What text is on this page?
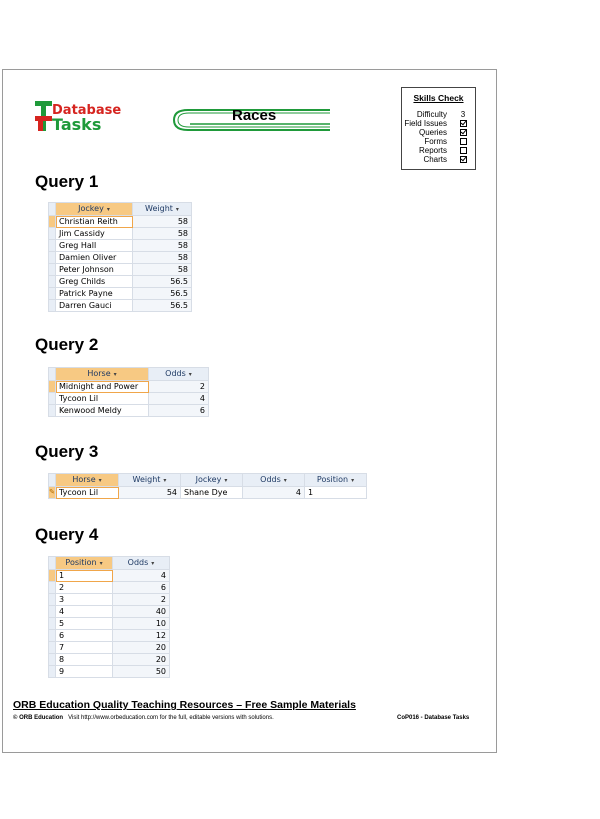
Database
Tasks	Races
Skills Check
Difficulty	3
Field Issues
Queries
Forms
Reports
Charts
Query 1
	Jockey ▾	Weight ▾
	Christian Reith	58
	Jim Cassidy	58
	Greg Hall	58
	Damien Oliver	58
	Peter Johnson	58
	Greg Childs	56.5
	Patrick Payne	56.5
	Darren Gauci	56.5
Query 2
	Horse ▾	Odds ▾
	Midnight and Power	2
	Tycoon Lil	4
	Kenwood Meldy	6
Query 3
	Horse ▾	Weight ▾	Jockey ▾	Odds ▾	Position ▾
✎	Tycoon Lil	54	Shane Dye	4	1
Query 4
	Position ▾	Odds ▾
	1	4
	2	6
	3	2
	4	40
	5	10
	6	12
	7	20
	8	20
	9	50
ORB Education Quality Teaching Resources – Free Sample Materials
© ORB Education Visit http://www.orbeducation.com for the full, editable versions with solutions.	CoP016 - Database Tasks
